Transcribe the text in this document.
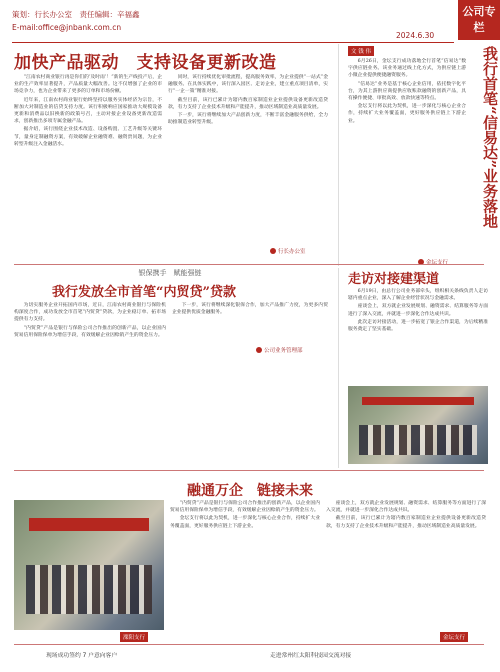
策划：行长办公室　责任编辑：辛福鑫
E-mail:office@jnbank.com.cn
2024.6.30
公司专栏
加快产品驱动　支持设备更新改造

“江南农村商业银行再是你们的‘及时雨’！”新的生产线投产后，企业的生产效率显著提升，产品质量大幅改善。这不仅增强了企业的市场竞争力，也为企业带来了更多的订单和市场份额。

近年来，江南农村商业银行始终坚持以服务实体经济为宗旨，不断加大对制造业的信贷支持力度。该行积极响应国家推动大规模设备更新和消费品以旧换新的政策号召，主动对接企业设备更新改造需求，创新推出多项专属金融产品。

据介绍，该行围绕企业技术改造、设备购置、工艺升级等关键环节，量身定制融资方案，有效破解企业融资难、融资贵问题，为企业转型升级注入金融活水。

同时，该行持续优化审批流程，提高服务效率，为企业提供“一站式”金融服务。在具体实践中，该行深入园区、走访企业，建立重点项目清单，实行“一企一策”精准对接。

截至目前，该行已累计为辖内数百家制造业企业提供设备更新改造贷款，有力支持了企业技术升级和产能提升，推动区域制造业高质量发展。

下一步，该行将继续加大产品创新力度，不断丰富金融服务供给，全力助推制造业转型升级。

行长办公室
文 钱 伟

6月26日，金坛支行成功落地全行首笔“信易达”数字供应链业务。该业务通过线上化方式，为供应链上游小微企业提供便捷融资服务。

“信易达”业务是基于核心企业信用，依托数字化平台，为其上游供应商提供应收账款融资的创新产品，具有操作便捷、审批高效、放款快速等特点。

金坛支行将以此为契机，进一步深化与核心企业合作，持续扩大业务覆盖面，更好服务供应链上下游企业。	我行首笔“信易达”业务落地
金坛支行
银保携手　赋能强链
我行发放全市首笔“内贸贷”贷款

为切实服务企业开拓国内市场，近日，江南农村商业银行与保险机构深度合作，成功发放全市首笔“内贸贷”贷款，为企业稳订单、拓市场提供有力支持。

“内贸贷”产品是银行与保险公司合作推出的创新产品，以企业国内贸易信用保险保单为增信手段，有效缓解企业因赊销产生的资金压力。

下一步，该行将继续深化银保合作，加大产品推广力度，为更多内贸企业提供优质金融服务。

公司业务管理部
走访对接建渠道

6月19日，由总行公司业务部牵头，组织相关条线负责人走访辖内重点企业，深入了解企业经营状况与金融需求。

座谈会上，双方就企业发展规划、融资需求、结算服务等方面进行了深入交流，并就进一步深化合作达成共识。

此次走访对接活动，进一步拓宽了银企合作渠道，为后续精准服务奠定了坚实基础。

融通万企　链接未来

“内贸贷”产品是银行与保险公司合作推出的创新产品，以企业国内贸易信用保险保单为增信手段，有效缓解企业因赊销产生的资金压力。

金坛支行将以此为契机，进一步深化与核心企业合作，持续扩大业务覆盖面，更好服务供应链上下游企业。

座谈会上，双方就企业发展规划、融资需求、结算服务等方面进行了深入交流，并就进一步深化合作达成共识。

截至目前，该行已累计为辖内数百家制造业企业提供设备更新改造贷款，有力支持了企业技术升级和产能提升，推动区域制造业高质量发展。

溧阳支行	金坛支行
现场成功签约 7 户意向客户	走进常州红太阳科技园交流对接
